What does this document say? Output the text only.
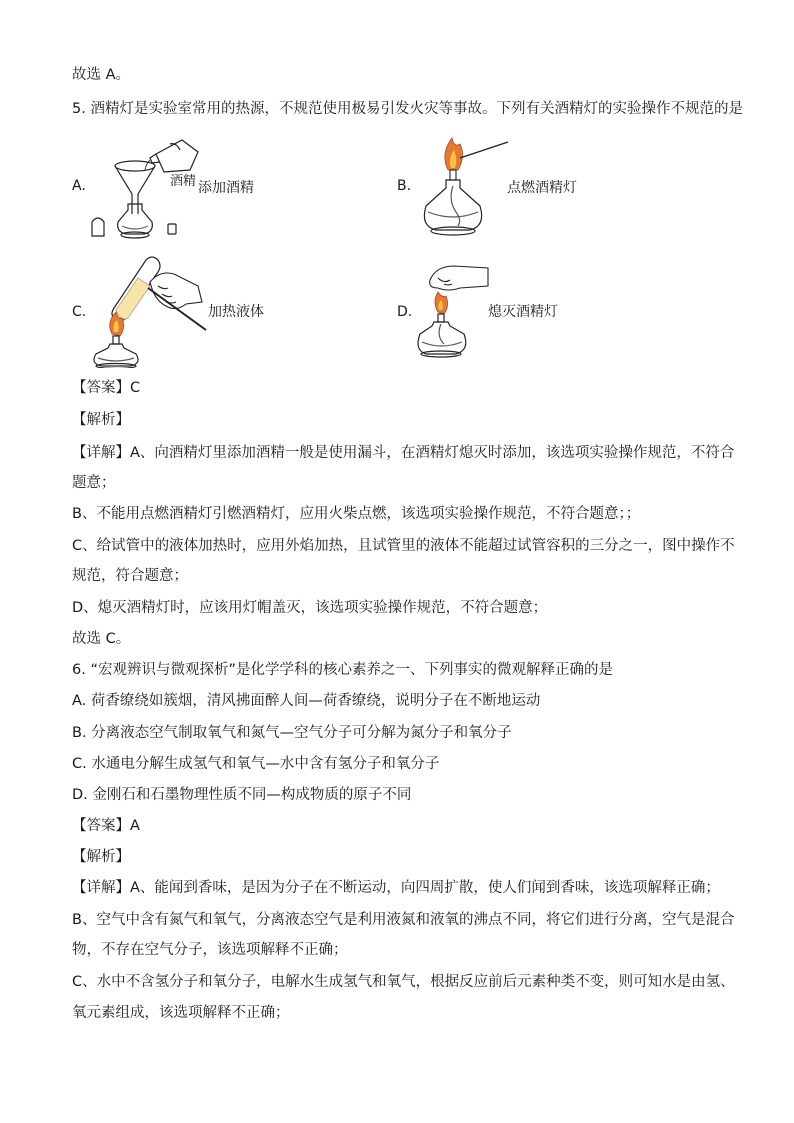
故选 A。
5. 酒精灯是实验室常用的热源，不规范使用极易引发火灾等事故。下列有关酒精灯的实验操作不规范的是
A.	酒精 添加酒精	B.	点燃酒精灯
C.	加热液体	D.	熄灭酒精灯
【答案】C
【解析】
【详解】A、向酒精灯里添加酒精一般是使用漏斗，在酒精灯熄灭时添加，该选项实验操作规范，不符合
题意；
B、不能用点燃酒精灯引燃酒精灯，应用火柴点燃，该选项实验操作规范，不符合题意；；
C、给试管中的液体加热时，应用外焰加热，且试管里的液体不能超过试管容积的三分之一，图中操作不
规范，符合题意；
D、熄灭酒精灯时，应该用灯帽盖灭，该选项实验操作规范，不符合题意；
故选 C。
6. “宏观辨识与微观探析”是化学学科的核心素养之一、下列事实的微观解释正确的是
A. 荷香缭绕如簇烟，清风拂面醉人间—荷香缭绕，说明分子在不断地运动
B. 分离液态空气制取氧气和氮气—空气分子可分解为氮分子和氧分子
C. 水通电分解生成氢气和氧气—水中含有氢分子和氧分子
D. 金刚石和石墨物理性质不同—构成物质的原子不同
【答案】A
【解析】
【详解】A、能闻到香味，是因为分子在不断运动，向四周扩散，使人们闻到香味，该选项解释正确；
B、空气中含有氮气和氧气，分离液态空气是利用液氮和液氧的沸点不同，将它们进行分离，空气是混合
物，不存在空气分子，该选项解释不正确；
C、水中不含氢分子和氧分子，电解水生成氢气和氧气，根据反应前后元素种类不变，则可知水是由氢、
氧元素组成，该选项解释不正确；
